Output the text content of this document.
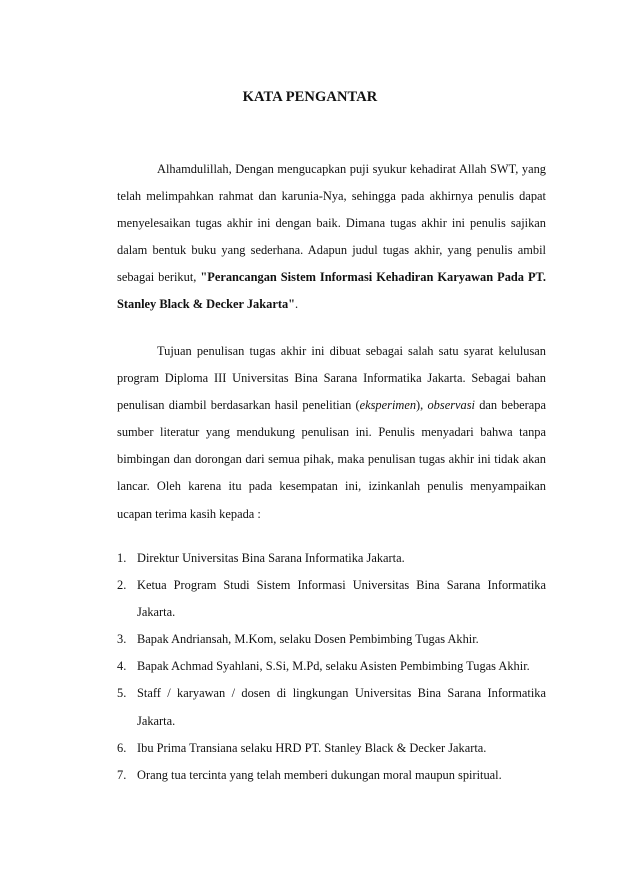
KATA PENGANTAR

Alhamdulillah, Dengan mengucapkan puji syukur kehadirat Allah SWT, yang telah melimpahkan rahmat dan karunia-Nya, sehingga pada akhirnya penulis dapat menyelesaikan tugas akhir ini dengan baik. Dimana tugas akhir ini penulis sajikan dalam bentuk buku yang sederhana. Adapun judul tugas akhir, yang penulis ambil sebagai berikut, "Perancangan Sistem Informasi Kehadiran Karyawan Pada PT. Stanley Black & Decker Jakarta".

Tujuan penulisan tugas akhir ini dibuat sebagai salah satu syarat kelulusan program Diploma III Universitas Bina Sarana Informatika Jakarta. Sebagai bahan penulisan diambil berdasarkan hasil penelitian (eksperimen), observasi dan beberapa sumber literatur yang mendukung penulisan ini. Penulis menyadari bahwa tanpa bimbingan dan dorongan dari semua pihak, maka penulisan tugas akhir ini tidak akan lancar. Oleh karena itu pada kesempatan ini, izinkanlah penulis menyampaikan ucapan terima kasih kepada :

1. Direktur Universitas Bina Sarana Informatika Jakarta.
2. Ketua Program Studi Sistem Informasi Universitas Bina Sarana Informatika Jakarta.
3. Bapak Andriansah, M.Kom, selaku Dosen Pembimbing Tugas Akhir.
4. Bapak Achmad Syahlani, S.Si, M.Pd, selaku Asisten Pembimbing Tugas Akhir.
5. Staff / karyawan / dosen di lingkungan Universitas Bina Sarana Informatika Jakarta.
6. Ibu Prima Transiana selaku HRD PT. Stanley Black & Decker Jakarta.
7. Orang tua tercinta yang telah memberi dukungan moral maupun spiritual.
